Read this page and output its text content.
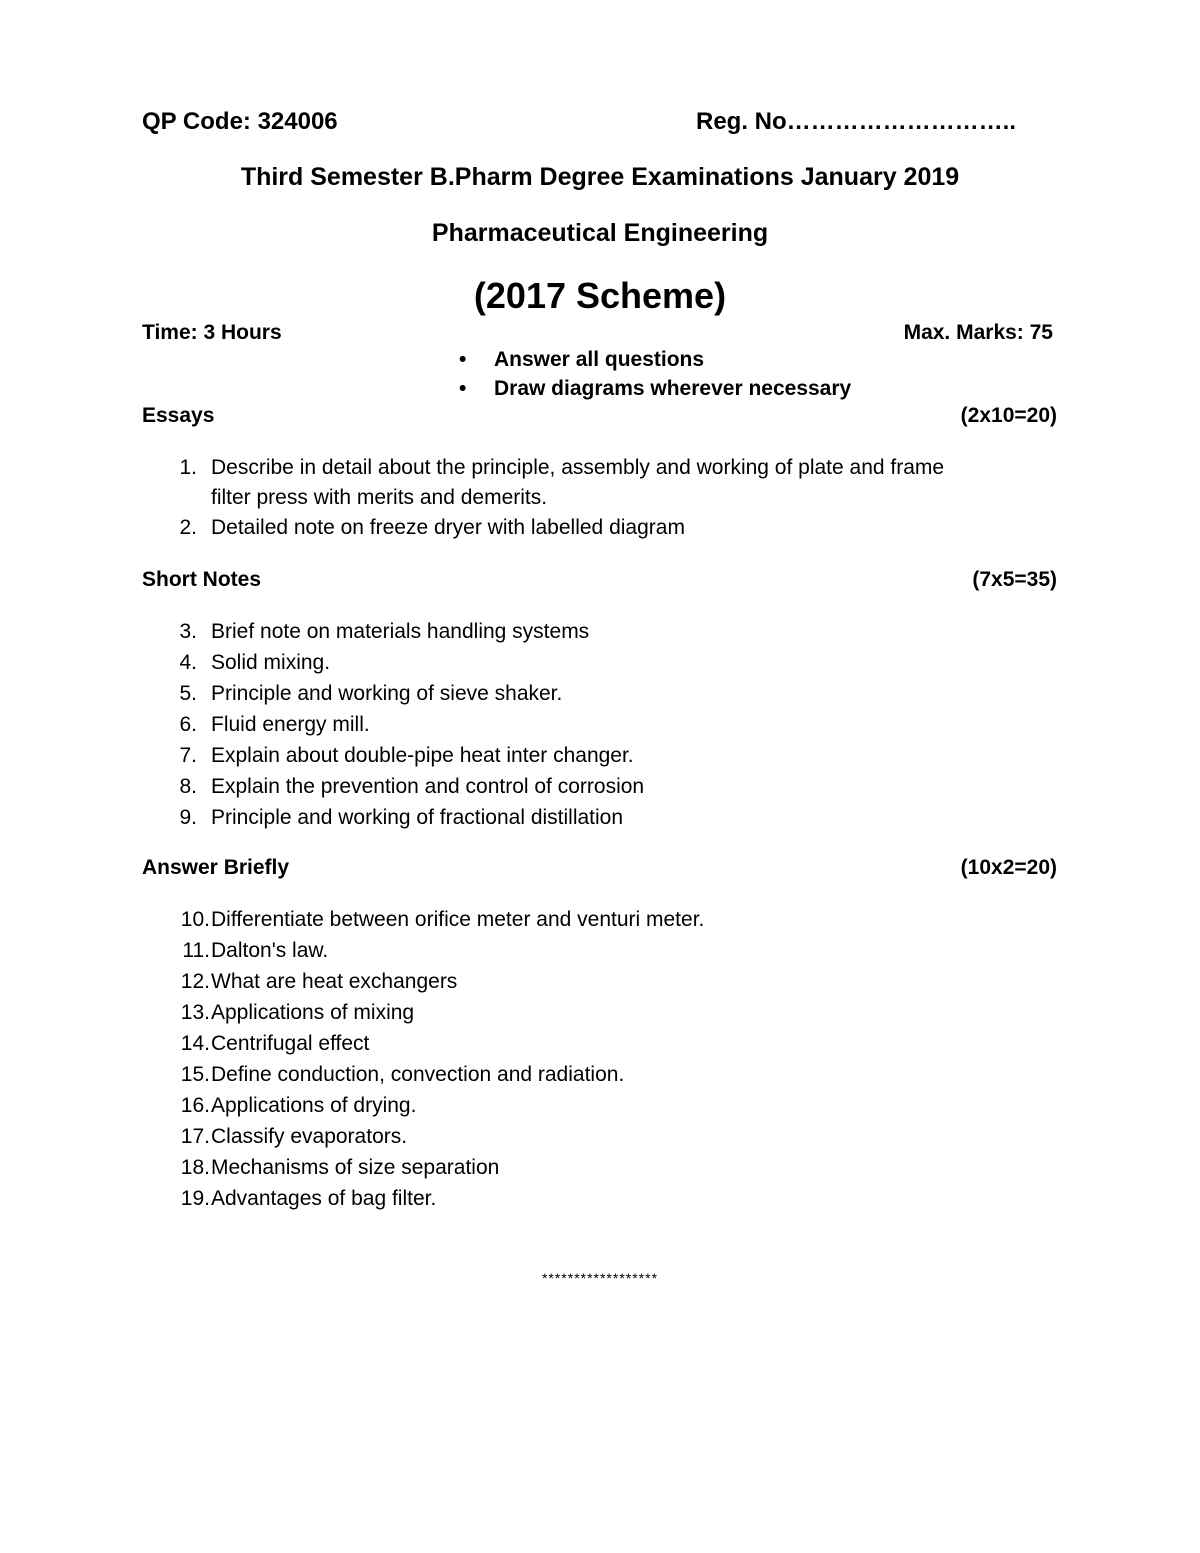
QP Code: 324006	Reg. No………………………..
Third Semester B.Pharm Degree Examinations January 2019
Pharmaceutical Engineering
(2017 Scheme)
Time: 3 Hours	Max. Marks: 75
• Answer all questions
• Draw diagrams wherever necessary
Essays	(2x10=20)
1. Describe in detail about the principle, assembly and working of plate and frame
filter press with merits and demerits.
2. Detailed note on freeze dryer with labelled diagram
Short Notes	(7x5=35)
3. Brief note on materials handling systems
4. Solid mixing.
5. Principle and working of sieve shaker.
6. Fluid energy mill.
7. Explain about double-pipe heat inter changer.
8. Explain the prevention and control of corrosion
9. Principle and working of fractional distillation
Answer Briefly	(10x2=20)
10. Differentiate between orifice meter and venturi meter.
11. Dalton's law.
12. What are heat exchangers
13. Applications of mixing
14. Centrifugal effect
15. Define conduction, convection and radiation.
16. Applications of drying.
17. Classify evaporators.
18. Mechanisms of size separation
19. Advantages of bag filter.
******************
